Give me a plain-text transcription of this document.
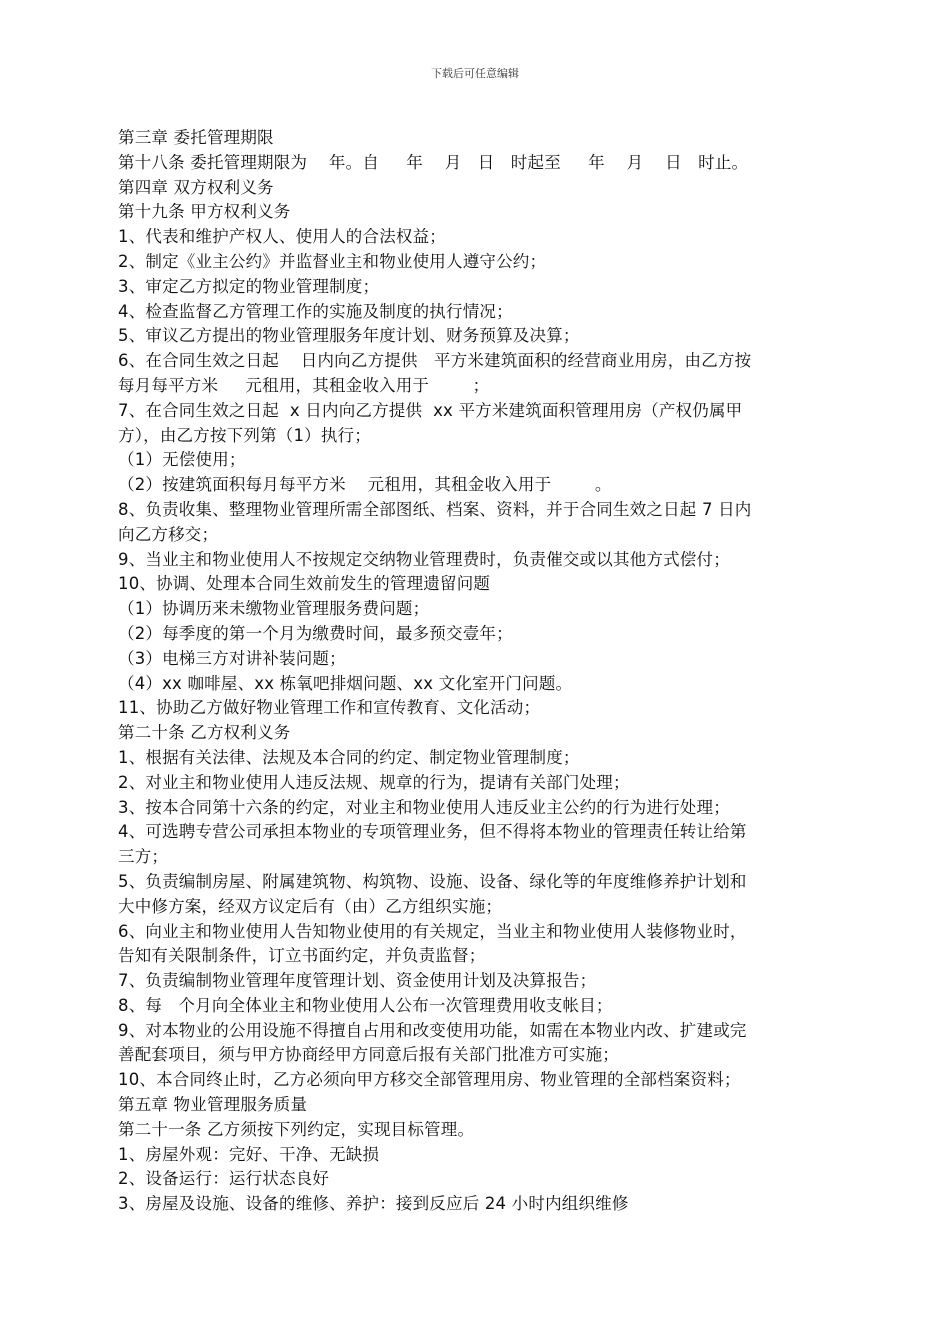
下载后可任意编辑
第三章 委托管理期限
第十八条 委托管理期限为    年。自     年    月   日   时起至     年    月    日   时止。
第四章 双方权利义务
第十九条 甲方权利义务
1、代表和维护产权人、使用人的合法权益；
2、制定《业主公约》并监督业主和物业使用人遵守公约；
3、审定乙方拟定的物业管理制度；
4、检查监督乙方管理工作的实施及制度的执行情况；
5、审议乙方提出的物业管理服务年度计划、财务预算及决算；
6、在合同生效之日起    日内向乙方提供   平方米建筑面积的经营商业用房，由乙方按
每月每平方米     元租用，其租金收入用于        ；
7、在合同生效之日起  x 日内向乙方提供  xx 平方米建筑面积管理用房（产权仍属甲
方），由乙方按下列第（1）执行；
（1）无偿使用；
（2）按建筑面积每月每平方米    元租用，其租金收入用于        。
8、负责收集、整理物业管理所需全部图纸、档案、资料，并于合同生效之日起 7 日内
向乙方移交；
9、当业主和物业使用人不按规定交纳物业管理费时，负责催交或以其他方式偿付；
10、协调、处理本合同生效前发生的管理遗留问题
（1）协调历来未缴物业管理服务费问题；
（2）每季度的第一个月为缴费时间，最多预交壹年；
（3）电梯三方对讲补装问题；
（4）xx 咖啡屋、xx 栋氧吧排烟问题、xx 文化室开门问题。
11、协助乙方做好物业管理工作和宣传教育、文化活动；
第二十条 乙方权利义务
1、根据有关法律、法规及本合同的约定、制定物业管理制度；
2、对业主和物业使用人违反法规、规章的行为，提请有关部门处理；
3、按本合同第十六条的约定，对业主和物业使用人违反业主公约的行为进行处理；
4、可选聘专营公司承担本物业的专项管理业务，但不得将本物业的管理责任转让给第
三方；
5、负责编制房屋、附属建筑物、构筑物、设施、设备、绿化等的年度维修养护计划和
大中修方案，经双方议定后有（由）乙方组织实施；
6、向业主和物业使用人告知物业使用的有关规定，当业主和物业使用人装修物业时，
告知有关限制条件，订立书面约定，并负责监督；
7、负责编制物业管理年度管理计划、资金使用计划及决算报告；
8、每   个月向全体业主和物业使用人公布一次管理费用收支帐目；
9、对本物业的公用设施不得擅自占用和改变使用功能，如需在本物业内改、扩建或完
善配套项目，须与甲方协商经甲方同意后报有关部门批准方可实施；
10、本合同终止时，乙方必须向甲方移交全部管理用房、物业管理的全部档案资料；
第五章 物业管理服务质量
第二十一条 乙方须按下列约定，实现目标管理。
1、房屋外观：完好、干净、无缺损
2、设备运行：运行状态良好
3、房屋及设施、设备的维修、养护：接到反应后 24 小时内组织维修
